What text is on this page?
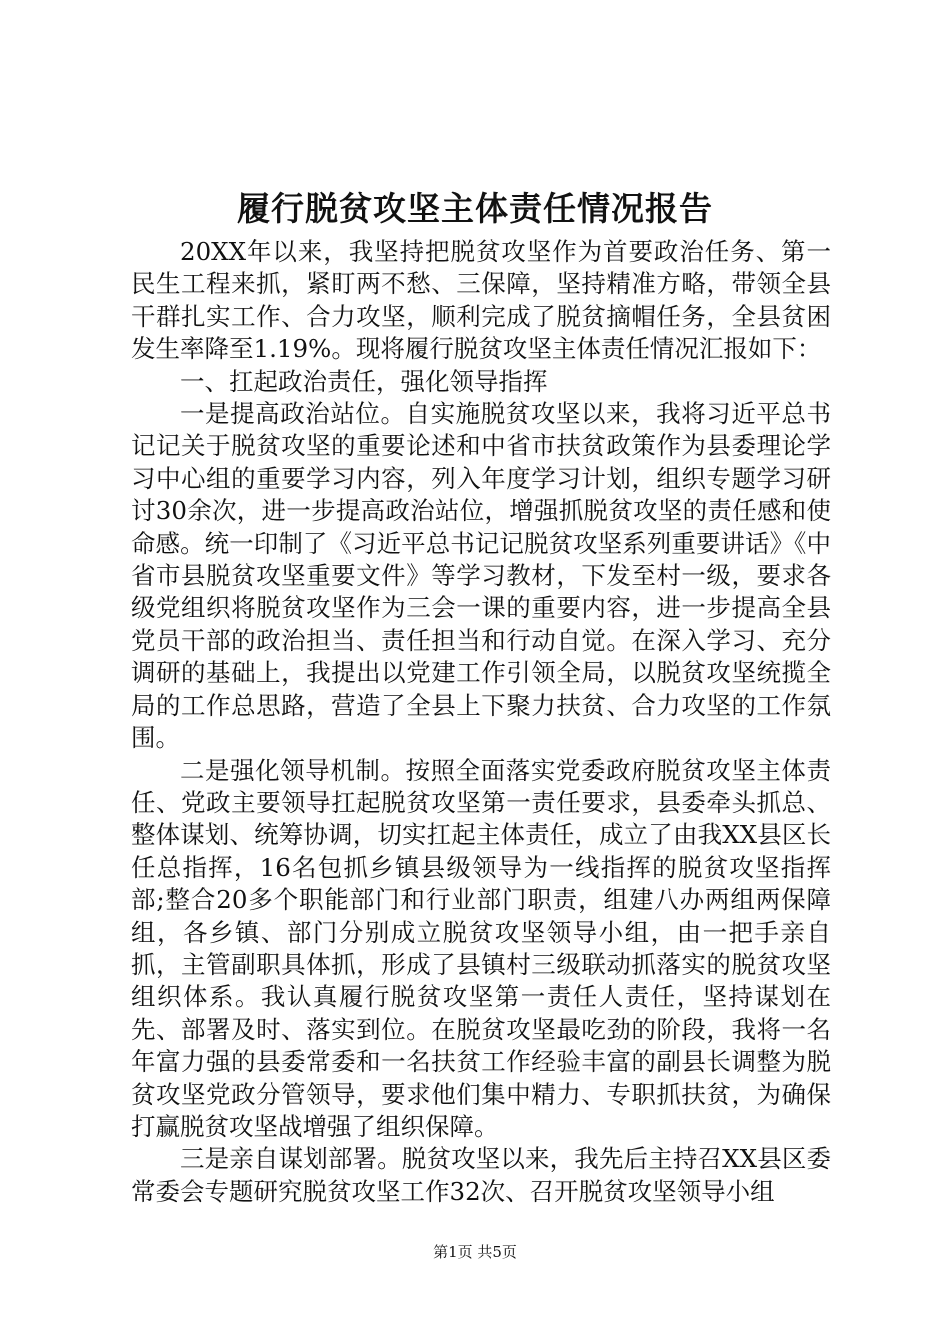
履行脱贫攻坚主体责任情况报告

20XX年以来，我坚持把脱贫攻坚作为首要政治任务、第一民生工程来抓，紧盯两不愁、三保障，坚持精准方略，带领全县干群扎实工作、合力攻坚，顺利完成了脱贫摘帽任务，全县贫困发生率降至1.19%。现将履行脱贫攻坚主体责任情况汇报如下：

一、扛起政治责任，强化领导指挥

一是提高政治站位。自实施脱贫攻坚以来，我将习近平总书记记关于脱贫攻坚的重要论述和中省市扶贫政策作为县委理论学习中心组的重要学习内容，列入年度学习计划，组织专题学习研讨30余次，进一步提高政治站位，增强抓脱贫攻坚的责任感和使命感。统一印制了《习近平总书记记脱贫攻坚系列重要讲话》《中省市县脱贫攻坚重要文件》等学习教材，下发至村一级，要求各级党组织将脱贫攻坚作为三会一课的重要内容，进一步提高全县党员干部的政治担当、责任担当和行动自觉。在深入学习、充分调研的基础上，我提出以党建工作引领全局，以脱贫攻坚统揽全局的工作总思路，营造了全县上下聚力扶贫、合力攻坚的工作氛围。

二是强化领导机制。按照全面落实党委政府脱贫攻坚主体责任、党政主要领导扛起脱贫攻坚第一责任要求，县委牵头抓总、整体谋划、统筹协调，切实扛起主体责任，成立了由我XX县区长任总指挥，16名包抓乡镇县级领导为一线指挥的脱贫攻坚指挥部;整合20多个职能部门和行业部门职责，组建八办两组两保障组，各乡镇、部门分别成立脱贫攻坚领导小组，由一把手亲自抓，主管副职具体抓，形成了县镇村三级联动抓落实的脱贫攻坚组织体系。我认真履行脱贫攻坚第一责任人责任，坚持谋划在先、部署及时、落实到位。在脱贫攻坚最吃劲的阶段，我将一名年富力强的县委常委和一名扶贫工作经验丰富的副县长调整为脱贫攻坚党政分管领导，要求他们集中精力、专职抓扶贫，为确保打赢脱贫攻坚战增强了组织保障。

三是亲自谋划部署。脱贫攻坚以来，我先后主持召XX县区委常委会专题研究脱贫攻坚工作32次、召开脱贫攻坚领导小组

第1页 共5页
